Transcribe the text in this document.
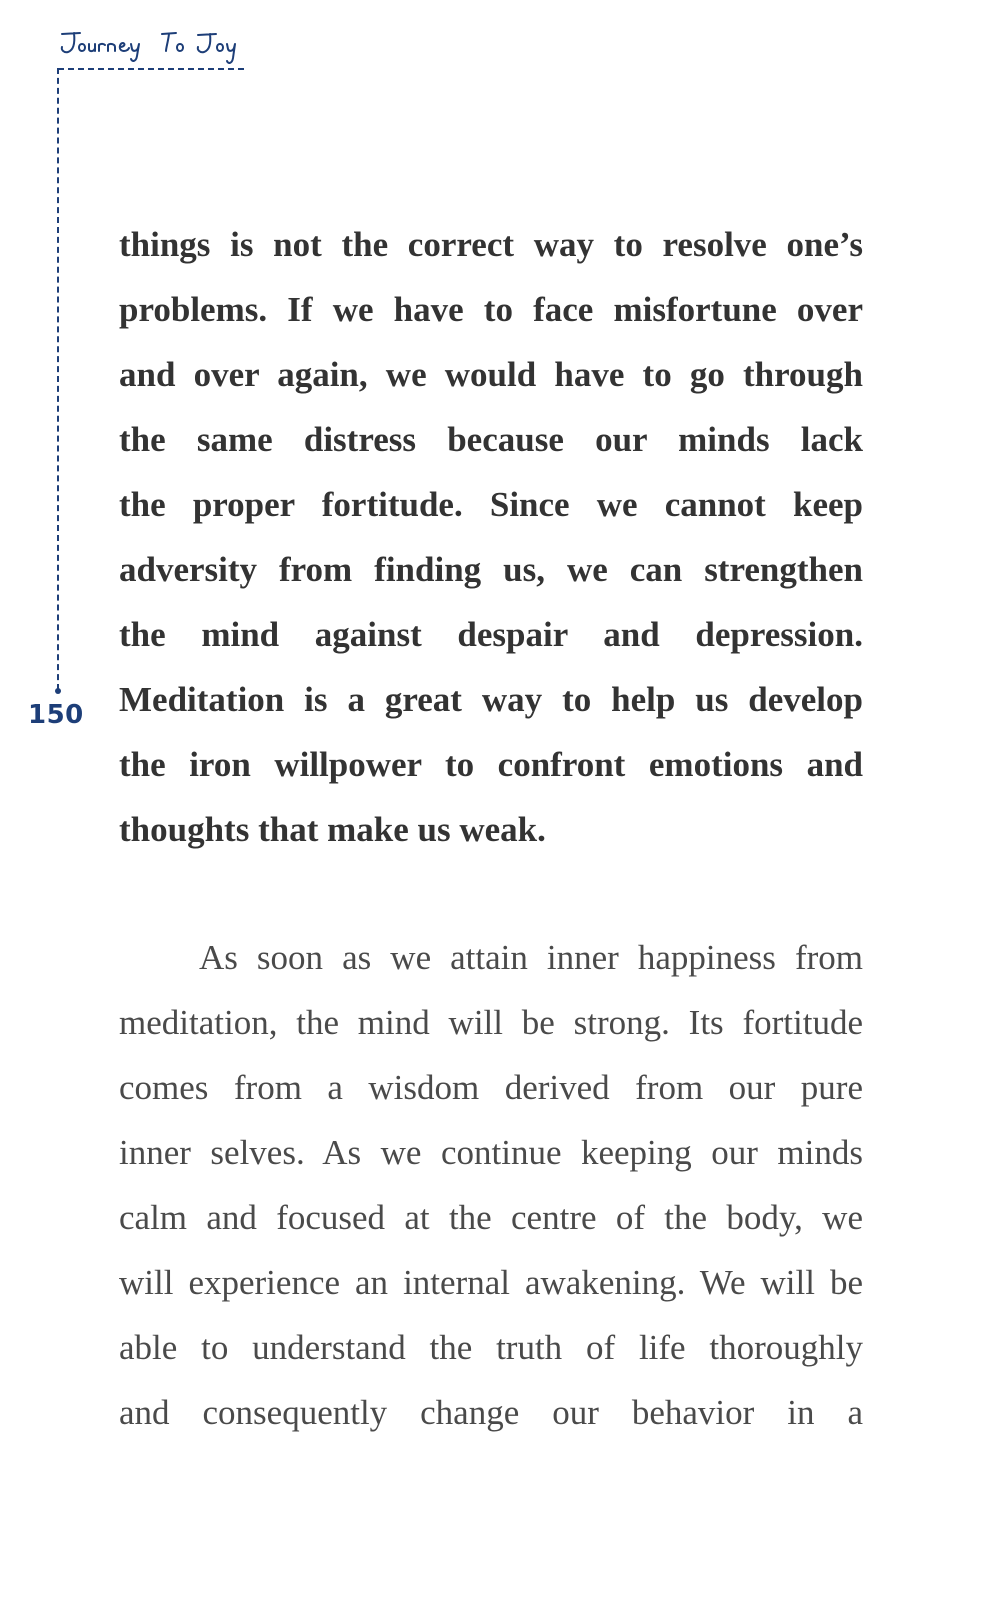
150
things is not the correct way to resolve one’s
problems. If we have to face misfortune over
and over again, we would have to go through
the same distress because our minds lack
the proper fortitude. Since we cannot keep
adversity from finding us, we can strengthen
the mind against despair and depression.
Meditation is a great way to help us develop
the iron willpower to confront emotions and
thoughts that make us weak.
As soon as we attain inner happiness from
meditation, the mind will be strong. Its fortitude
comes from a wisdom derived from our pure
inner selves. As we continue keeping our minds
calm and focused at the centre of the body, we
will experience an internal awakening. We will be
able to understand the truth of life thoroughly
and consequently change our behavior in a
